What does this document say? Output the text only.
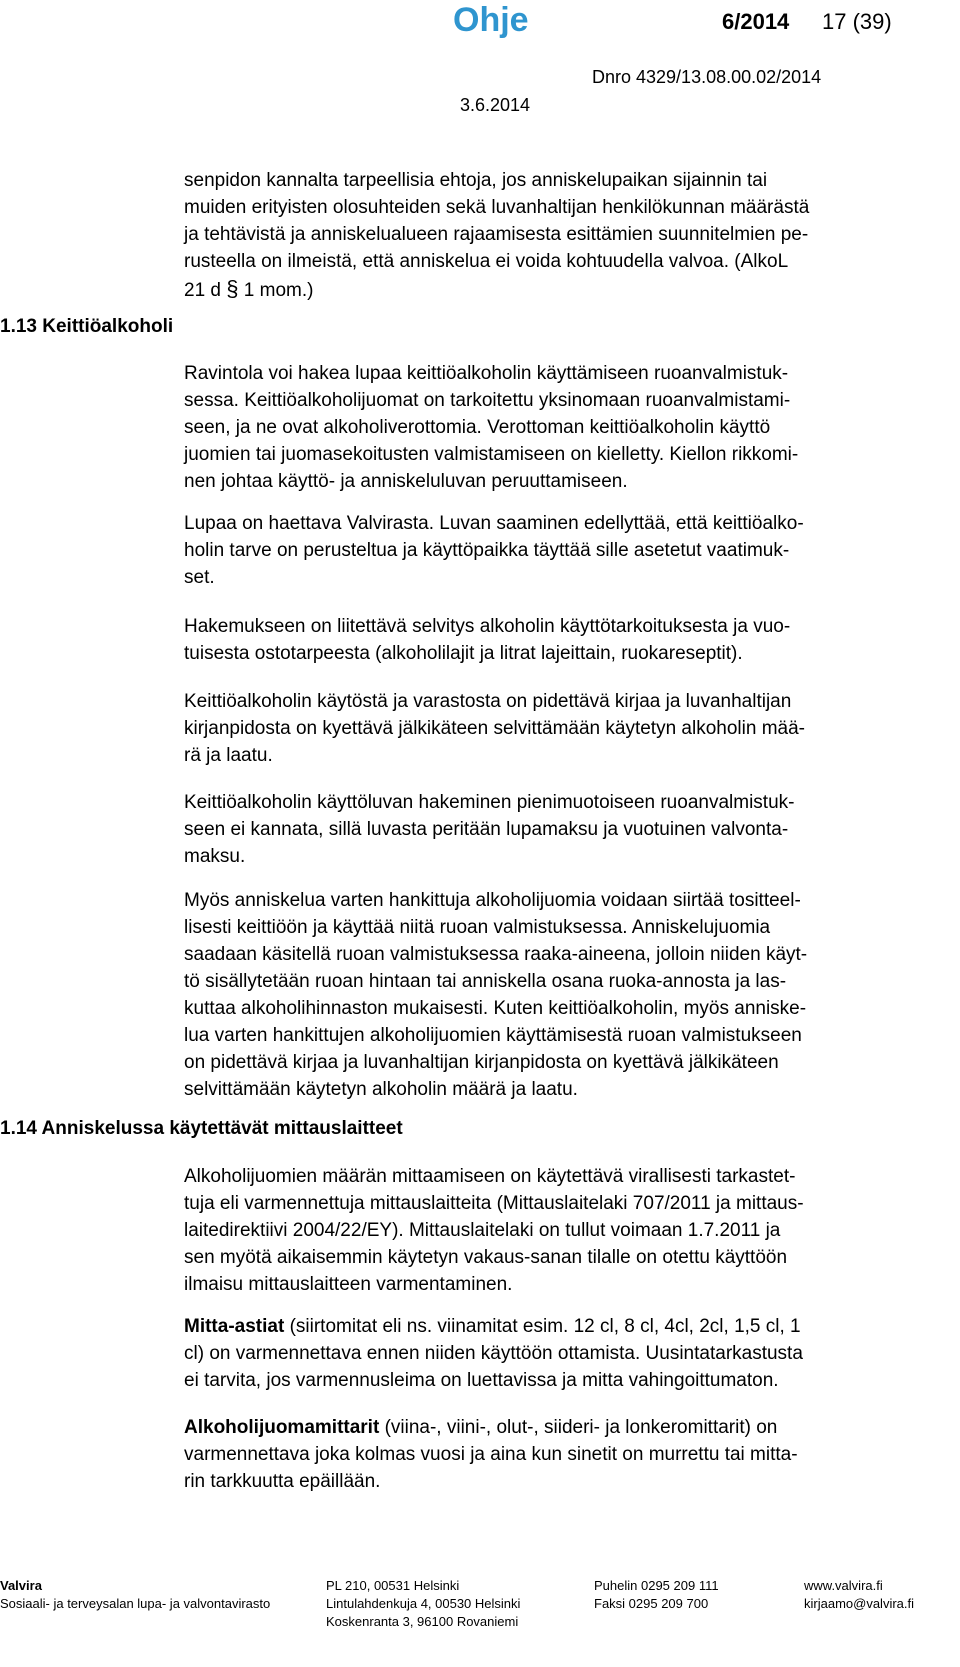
Ohje	6/2014 17 (39)
Dnro 4329/13.08.00.02/2014
3.6.2014
senpidon kannalta tarpeellisia ehtoja, jos anniskelupaikan sijainnin tai
muiden erityisten olosuhteiden sekä luvanhaltijan henkilökunnan määrästä
ja tehtävistä ja anniskelualueen rajaamisesta esittämien suunnitelmien pe-
rusteella on ilmeistä, että anniskelua ei voida kohtuudella valvoa. (AlkoL
21 d § 1 mom.)
1.13 Keittiöalkoholi
Ravintola voi hakea lupaa keittiöalkoholin käyttämiseen ruoanvalmistuk-
sessa. Keittiöalkoholijuomat on tarkoitettu yksinomaan ruoanvalmistami-
seen, ja ne ovat alkoholiverottomia. Verottoman keittiöalkoholin käyttö
juomien tai juomasekoitusten valmistamiseen on kielletty. Kiellon rikkomi-
nen johtaa käyttö- ja anniskeluluvan peruuttamiseen.
Lupaa on haettava Valvirasta. Luvan saaminen edellyttää, että keittiöalko-
holin tarve on perusteltua ja käyttöpaikka täyttää sille asetetut vaatimuk-
set.
Hakemukseen on liitettävä selvitys alkoholin käyttötarkoituksesta ja vuo-
tuisesta ostotarpeesta (alkoholilajit ja litrat lajeittain, ruokareseptit).
Keittiöalkoholin käytöstä ja varastosta on pidettävä kirjaa ja luvanhaltijan
kirjanpidosta on kyettävä jälkikäteen selvittämään käytetyn alkoholin mää-
rä ja laatu.
Keittiöalkoholin käyttöluvan hakeminen pienimuotoiseen ruoanvalmistuk-
seen ei kannata, sillä luvasta peritään lupamaksu ja vuotuinen valvonta-
maksu.
Myös anniskelua varten hankittuja alkoholijuomia voidaan siirtää tositteel-
lisesti keittiöön ja käyttää niitä ruoan valmistuksessa. Anniskelujuomia
saadaan käsitellä ruoan valmistuksessa raaka-aineena, jolloin niiden käyt-
tö sisällytetään ruoan hintaan tai anniskella osana ruoka-annosta ja las-
kuttaa alkoholihinnaston mukaisesti. Kuten keittiöalkoholin, myös anniske-
lua varten hankittujen alkoholijuomien käyttämisestä ruoan valmistukseen
on pidettävä kirjaa ja luvanhaltijan kirjanpidosta on kyettävä jälkikäteen
selvittämään käytetyn alkoholin määrä ja laatu.
1.14 Anniskelussa käytettävät mittauslaitteet
Alkoholijuomien määrän mittaamiseen on käytettävä virallisesti tarkastet-
tuja eli varmennettuja mittauslaitteita (Mittauslaitelaki 707/2011 ja mittaus-
laitedirektiivi 2004/22/EY). Mittauslaitelaki on tullut voimaan 1.7.2011 ja
sen myötä aikaisemmin käytetyn vakaus-sanan tilalle on otettu käyttöön
ilmaisu mittauslaitteen varmentaminen.
Mitta-astiat (siirtomitat eli ns. viinamitat esim. 12 cl, 8 cl, 4cl, 2cl, 1,5 cl, 1
cl) on varmennettava ennen niiden käyttöön ottamista. Uusintatarkastusta
ei tarvita, jos varmennusleima on luettavissa ja mitta vahingoittumaton.
Alkoholijuomamittarit (viina-, viini-, olut-, siideri- ja lonkeromittarit) on
varmennettava joka kolmas vuosi ja aina kun sinetit on murrettu tai mitta-
rin tarkkuutta epäillään.
Valvira
Sosiaali- ja terveysalan lupa- ja valvontavirasto
PL 210, 00531 Helsinki
Lintulahdenkuja 4, 00530 Helsinki
Koskenranta 3, 96100 Rovaniemi
Puhelin 0295 209 111
Faksi 0295 209 700
www.valvira.fi
kirjaamo@valvira.fi
